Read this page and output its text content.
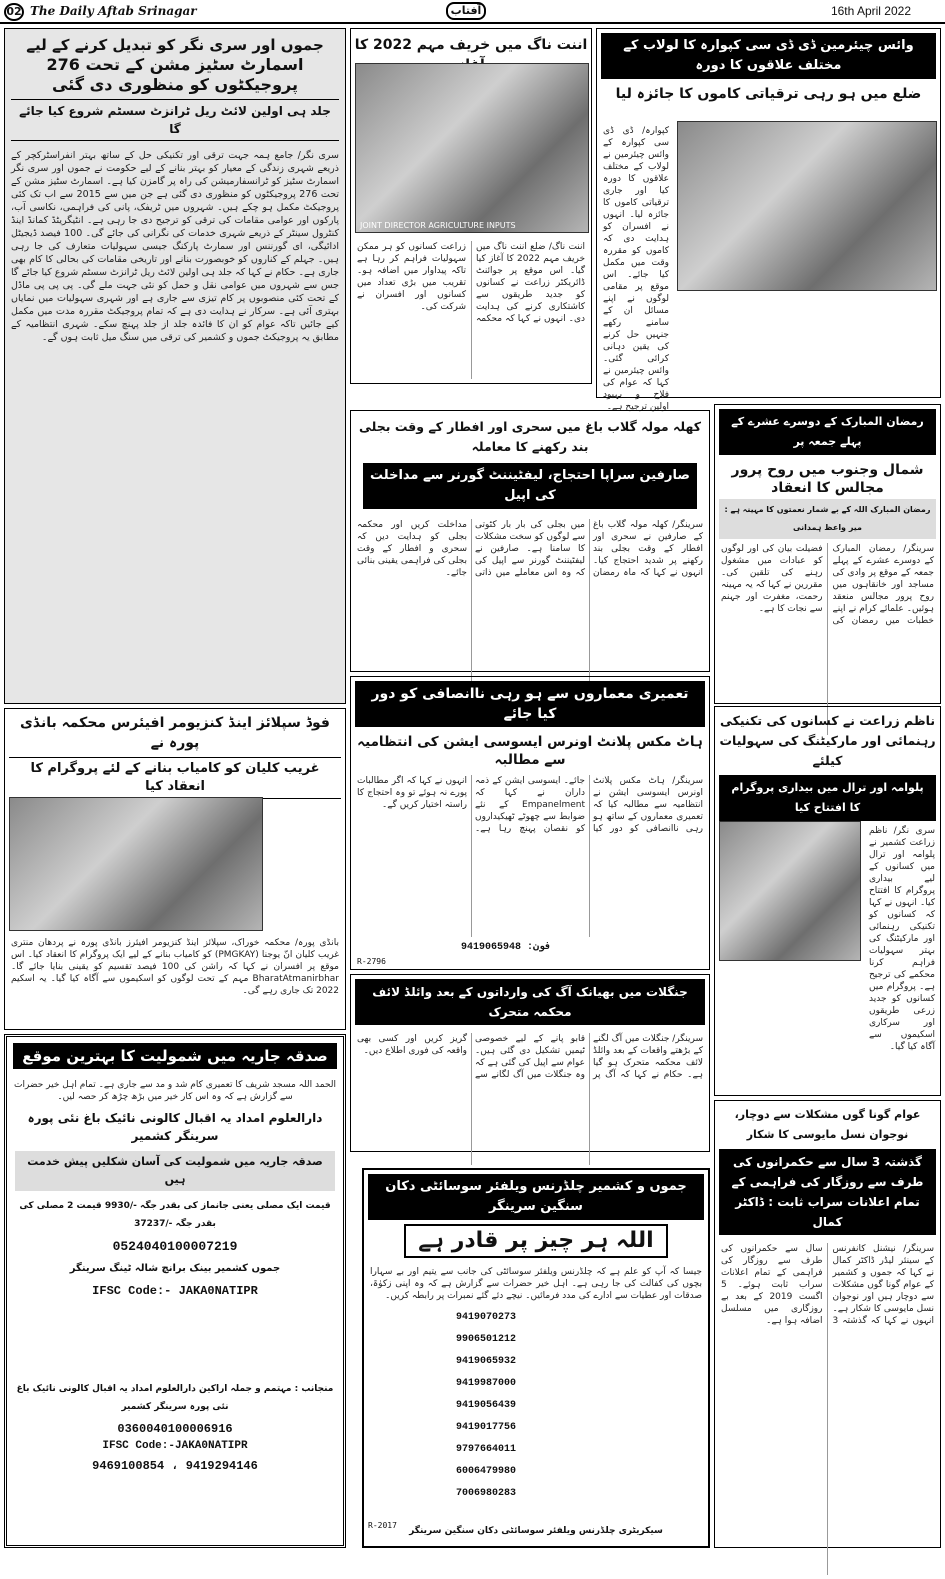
02 The Daily Aftab Srinagar	آفتاب	16th April 2022
جموں اور سری نگر کو تبدیل کرنے کے لیے
اسمارٹ سٹیز مشن کے تحت 276 پروجیکٹوں کو منظوری دی گئی
جلد ہی اولین لائٹ ریل ٹرانزٹ سسٹم شروع کیا جائے گا
سری نگر/ جامع ہمہ جہت ترقی اور تکنیکی حل کے ساتھ بہتر انفراسٹرکچر کے ذریعے شہری زندگی کے معیار کو بہتر بنانے کے لیے حکومت نے جموں اور سری نگر اسمارٹ سٹیز کو ٹرانسفارمیشن کی راہ پر گامزن کیا ہے۔ اسمارٹ سٹیز مشن کے تحت 276 پروجیکٹوں کو منظوری دی گئی ہے جن میں سے 2015 سے اب تک کئی پروجیکٹ مکمل ہو چکے ہیں۔ شہروں میں ٹریفک، پانی کی فراہمی، نکاسی آب، پارکوں اور عوامی مقامات کی ترقی کو ترجیح دی جا رہی ہے۔ انٹیگریٹڈ کمانڈ اینڈ کنٹرول سینٹر کے ذریعے شہری خدمات کی نگرانی کی جائے گی۔ 100 فیصد ڈیجیٹل ادائیگی، ای گورننس اور سمارٹ پارکنگ جیسی سہولیات متعارف کی جا رہی ہیں۔ جہلم کے کناروں کو خوبصورت بنانے اور تاریخی مقامات کی بحالی کا کام بھی جاری ہے۔ حکام نے کہا کہ جلد ہی اولین لائٹ ریل ٹرانزٹ سسٹم شروع کیا جائے گا جس سے شہروں میں عوامی نقل و حمل کو نئی جہت ملے گی۔ پی پی پی ماڈل کے تحت کئی منصوبوں پر کام تیزی سے جاری ہے اور شہری سہولیات میں نمایاں بہتری آئی ہے۔ سرکار نے ہدایت دی ہے کہ تمام پروجیکٹ مقررہ مدت میں مکمل کیے جائیں تاکہ عوام کو ان کا فائدہ جلد از جلد پہنچ سکے۔ شہری انتظامیہ کے مطابق یہ پروجیکٹ جموں و کشمیر کی ترقی میں سنگ میل ثابت ہوں گے۔
اننت ناگ میں خریف مہم 2022 کا
JOINT DIRECTOR AGRICULTURE INPUTS
اننت ناگ/ ضلع اننت ناگ میں خریف مہم 2022 کا آغاز کیا گیا۔ اس موقع پر جوائنٹ ڈائریکٹر زراعت نے کسانوں کو جدید طریقوں سے کاشتکاری کرنے کی ہدایت دی۔ انہوں نے کہا کہ محکمہ زراعت کسانوں کو ہر ممکن سہولیات فراہم کر رہا ہے تاکہ پیداوار میں اضافہ ہو۔ تقریب میں بڑی تعداد میں کسانوں اور افسران نے شرکت کی۔
وائس چیئرمین ڈی ڈی سی کپوارہ کا لولاب کے مختلف علاقوں کا دورہ
ضلع میں ہو رہی ترقیاتی کاموں کا جائزہ لیا
کپوارہ/ ڈی ڈی سی کپوارہ کے وائس چیئرمین نے لولاب کے مختلف علاقوں کا دورہ کیا اور جاری ترقیاتی کاموں کا جائزہ لیا۔ انہوں نے افسران کو ہدایت دی کہ کاموں کو مقررہ وقت میں مکمل کیا جائے۔ اس موقع پر مقامی لوگوں نے اپنے مسائل ان کے سامنے رکھے جنہیں حل کرنے کی یقین دہانی کرائی گئی۔ وائس چیئرمین نے کہا کہ عوام کی فلاح و بہبود اولین ترجیح ہے۔
کھلہ مولہ گلاب باغ میں سحری اور افطار کے وقت بجلی بند رکھنے کا معاملہ
صارفین سراپا احتجاج، لیفٹیننٹ گورنر سے مداخلت کی اپیل
سرینگر/ کھلہ مولہ گلاب باغ کے صارفین نے سحری اور افطار کے وقت بجلی بند رکھنے پر شدید احتجاج کیا۔ انہوں نے کہا کہ ماہ رمضان میں بجلی کی بار بار کٹوتی سے لوگوں کو سخت مشکلات کا سامنا ہے۔ صارفین نے لیفٹیننٹ گورنر سے اپیل کی کہ وہ اس معاملے میں ذاتی مداخلت کریں اور محکمہ بجلی کو ہدایت دیں کہ سحری و افطار کے وقت بجلی کی فراہمی یقینی بنائی جائے۔
رمضان المبارک کے دوسرے عشرے کے پہلے جمعہ پر
شمال وجنوب میں روح پرور مجالس کا انعقاد
رمضان المبارک اللہ کے بے شمار نعمتوں کا مہینہ ہے : میر واعظ ہمدانی
سرینگر/ رمضان المبارک کے دوسرے عشرے کے پہلے جمعہ کے موقع پر وادی کی مساجد اور خانقاہوں میں روح پرور مجالس منعقد ہوئیں۔ علمائے کرام نے اپنے خطبات میں رمضان کی فضیلت بیان کی اور لوگوں کو عبادات میں مشغول رہنے کی تلقین کی۔ مقررین نے کہا کہ یہ مہینہ رحمت، مغفرت اور جہنم سے نجات کا ہے۔
تعمیری معماروں سے ہو رہی ناانصافی کو دور کیا جائے
ہاٹ مکس پلانٹ اونرس ایسوسی ایشن کی انتظامیہ سے مطالبہ
سرینگر/ ہاٹ مکس پلانٹ اونرس ایسوسی ایشن نے انتظامیہ سے مطالبہ کیا کہ تعمیری معماروں کے ساتھ ہو رہی ناانصافی کو دور کیا جائے۔ ایسوسی ایشن کے ذمہ داران نے کہا کہ Empanelment کے نئے ضوابط سے چھوٹے ٹھیکیداروں کو نقصان پہنچ رہا ہے۔ انہوں نے کہا کہ اگر مطالبات پورے نہ ہوئے تو وہ احتجاج کا راستہ اختیار کریں گے۔
9419065948 :فون
R-2796
ناظم زراعت نے کسانوں کی تکنیکی رہنمائی اور مارکیٹنگ کی سہولیات کیلئے
پلوامہ اور ترال میں بیداری پروگرام کا افتتاح کیا
سری نگر/ ناظم زراعت کشمیر نے پلوامہ اور ترال میں کسانوں کے لیے بیداری پروگرام کا افتتاح کیا۔ انہوں نے کہا کہ کسانوں کو تکنیکی رہنمائی اور مارکیٹنگ کی بہتر سہولیات فراہم کرنا محکمے کی ترجیح ہے۔ پروگرام میں کسانوں کو جدید زرعی طریقوں اور سرکاری اسکیموں سے آگاہ کیا گیا۔
فوڈ سپلائز اینڈ کنزیومر افیئرس محکمہ بانڈی پورہ نے
غریب کلیان کو کامیاب بنانے کے لئے پروگرام کا انعقاد کیا
بانڈی پورہ/ محکمہ خوراک، سپلائز اینڈ کنزیومر افیئرز بانڈی پورہ نے پردھان منتری غریب کلیان انّ یوجنا (PMGKAY) کو کامیاب بنانے کے لیے ایک پروگرام کا انعقاد کیا۔ اس موقع پر افسران نے کہا کہ راشن کی 100 فیصد تقسیم کو یقینی بنایا جائے گا۔ BharatAtmanirbhar مہم کے تحت لوگوں کو اسکیموں سے آگاہ کیا گیا۔ یہ اسکیم 2022 تک جاری رہے گی۔	جنگلات میں بھیانک آگ کی وارداتوں کے بعد وائلڈ لائف محکمہ متحرک
سرینگر/ جنگلات میں آگ لگنے کے بڑھتے واقعات کے بعد وائلڈ لائف محکمہ متحرک ہو گیا ہے۔ حکام نے کہا کہ آگ پر قابو پانے کے لیے خصوصی ٹیمیں تشکیل دی گئی ہیں۔ عوام سے اپیل کی گئی ہے کہ وہ جنگلات میں آگ لگانے سے گریز کریں اور کسی بھی واقعہ کی فوری اطلاع دیں۔
صدقہ جاریہ میں شمولیت کا بہترین موقع
الحمد اللہ مسجد شریف کا تعمیری کام شد و مد سے جاری ہے۔ تمام اہل خیر حضرات سے گزارش ہے کہ وہ اس کار خیر میں بڑھ چڑھ کر حصہ لیں۔
دارالعلوم امداد یہ اقبال کالونی نائیک باغ نئی پورہ سرینگر کشمیر
صدقہ جاریہ میں شمولیت کی آسان شکلیں پیش خدمت ہیں
قیمت ایک مصلی یعنی جانماز کی بقدر جگہ -/9930 قیمت 2 مصلی کی بقدر جگہ -/37237
0524040100007219
جموں کشمیر بینک برانچ شالہ ٹینگ سرینگر
IFSC Code:- JAKA0NATIPR
منجانب : مہتمم و جملہ اراکین دارالعلوم امداد یہ اقبال کالونی نائیک باغ نئی پورہ سرینگر کشمیر
0360040100006916
IFSC Code:-JAKA0NATIPR
9469100854 ، 9419294146
جموں و کشمیر چلڈرنس ویلفئر سوسائٹی دکان سنگین سرینگر
اللہ ہر چیز پر قادر ہے
جیسا کہ آپ کو علم ہے کہ چلڈرنس ویلفئر سوسائٹی کی جانب سے یتیم اور بے سہارا بچوں کی کفالت کی جا رہی ہے۔ اہل خیر حضرات سے گزارش ہے کہ وہ اپنی زکوٰۃ، صدقات اور عطیات سے ادارے کی مدد فرمائیں۔ نیچے دئے گئے نمبرات پر رابطہ کریں۔
9419070273
9906501212
9419065932
9419987000
9419056439
9419017756
9797664011
6006479980
7006980283
سیکریٹری چلڈرنس ویلفئر سوسائٹی دکان سنگین سرینگر
R-2017
عوام گونا گوں مشکلات سے دوچار، نوجوان نسل مایوسی کا شکار
گذشتہ 3 سال سے حکمرانوں کی طرف سے روزگار کی فراہمی کے تمام اعلانات سراب ثابت : ڈاکٹر کمال
سرینگر/ نیشنل کانفرنس کے سینئر لیڈر ڈاکٹر کمال نے کہا کہ جموں و کشمیر کے عوام گونا گوں مشکلات سے دوچار ہیں اور نوجوان نسل مایوسی کا شکار ہے۔ انہوں نے کہا کہ گذشتہ 3 سال سے حکمرانوں کی طرف سے روزگار کی فراہمی کے تمام اعلانات سراب ثابت ہوئے۔ 5 اگست 2019 کے بعد بے روزگاری میں مسلسل اضافہ ہوا ہے۔
